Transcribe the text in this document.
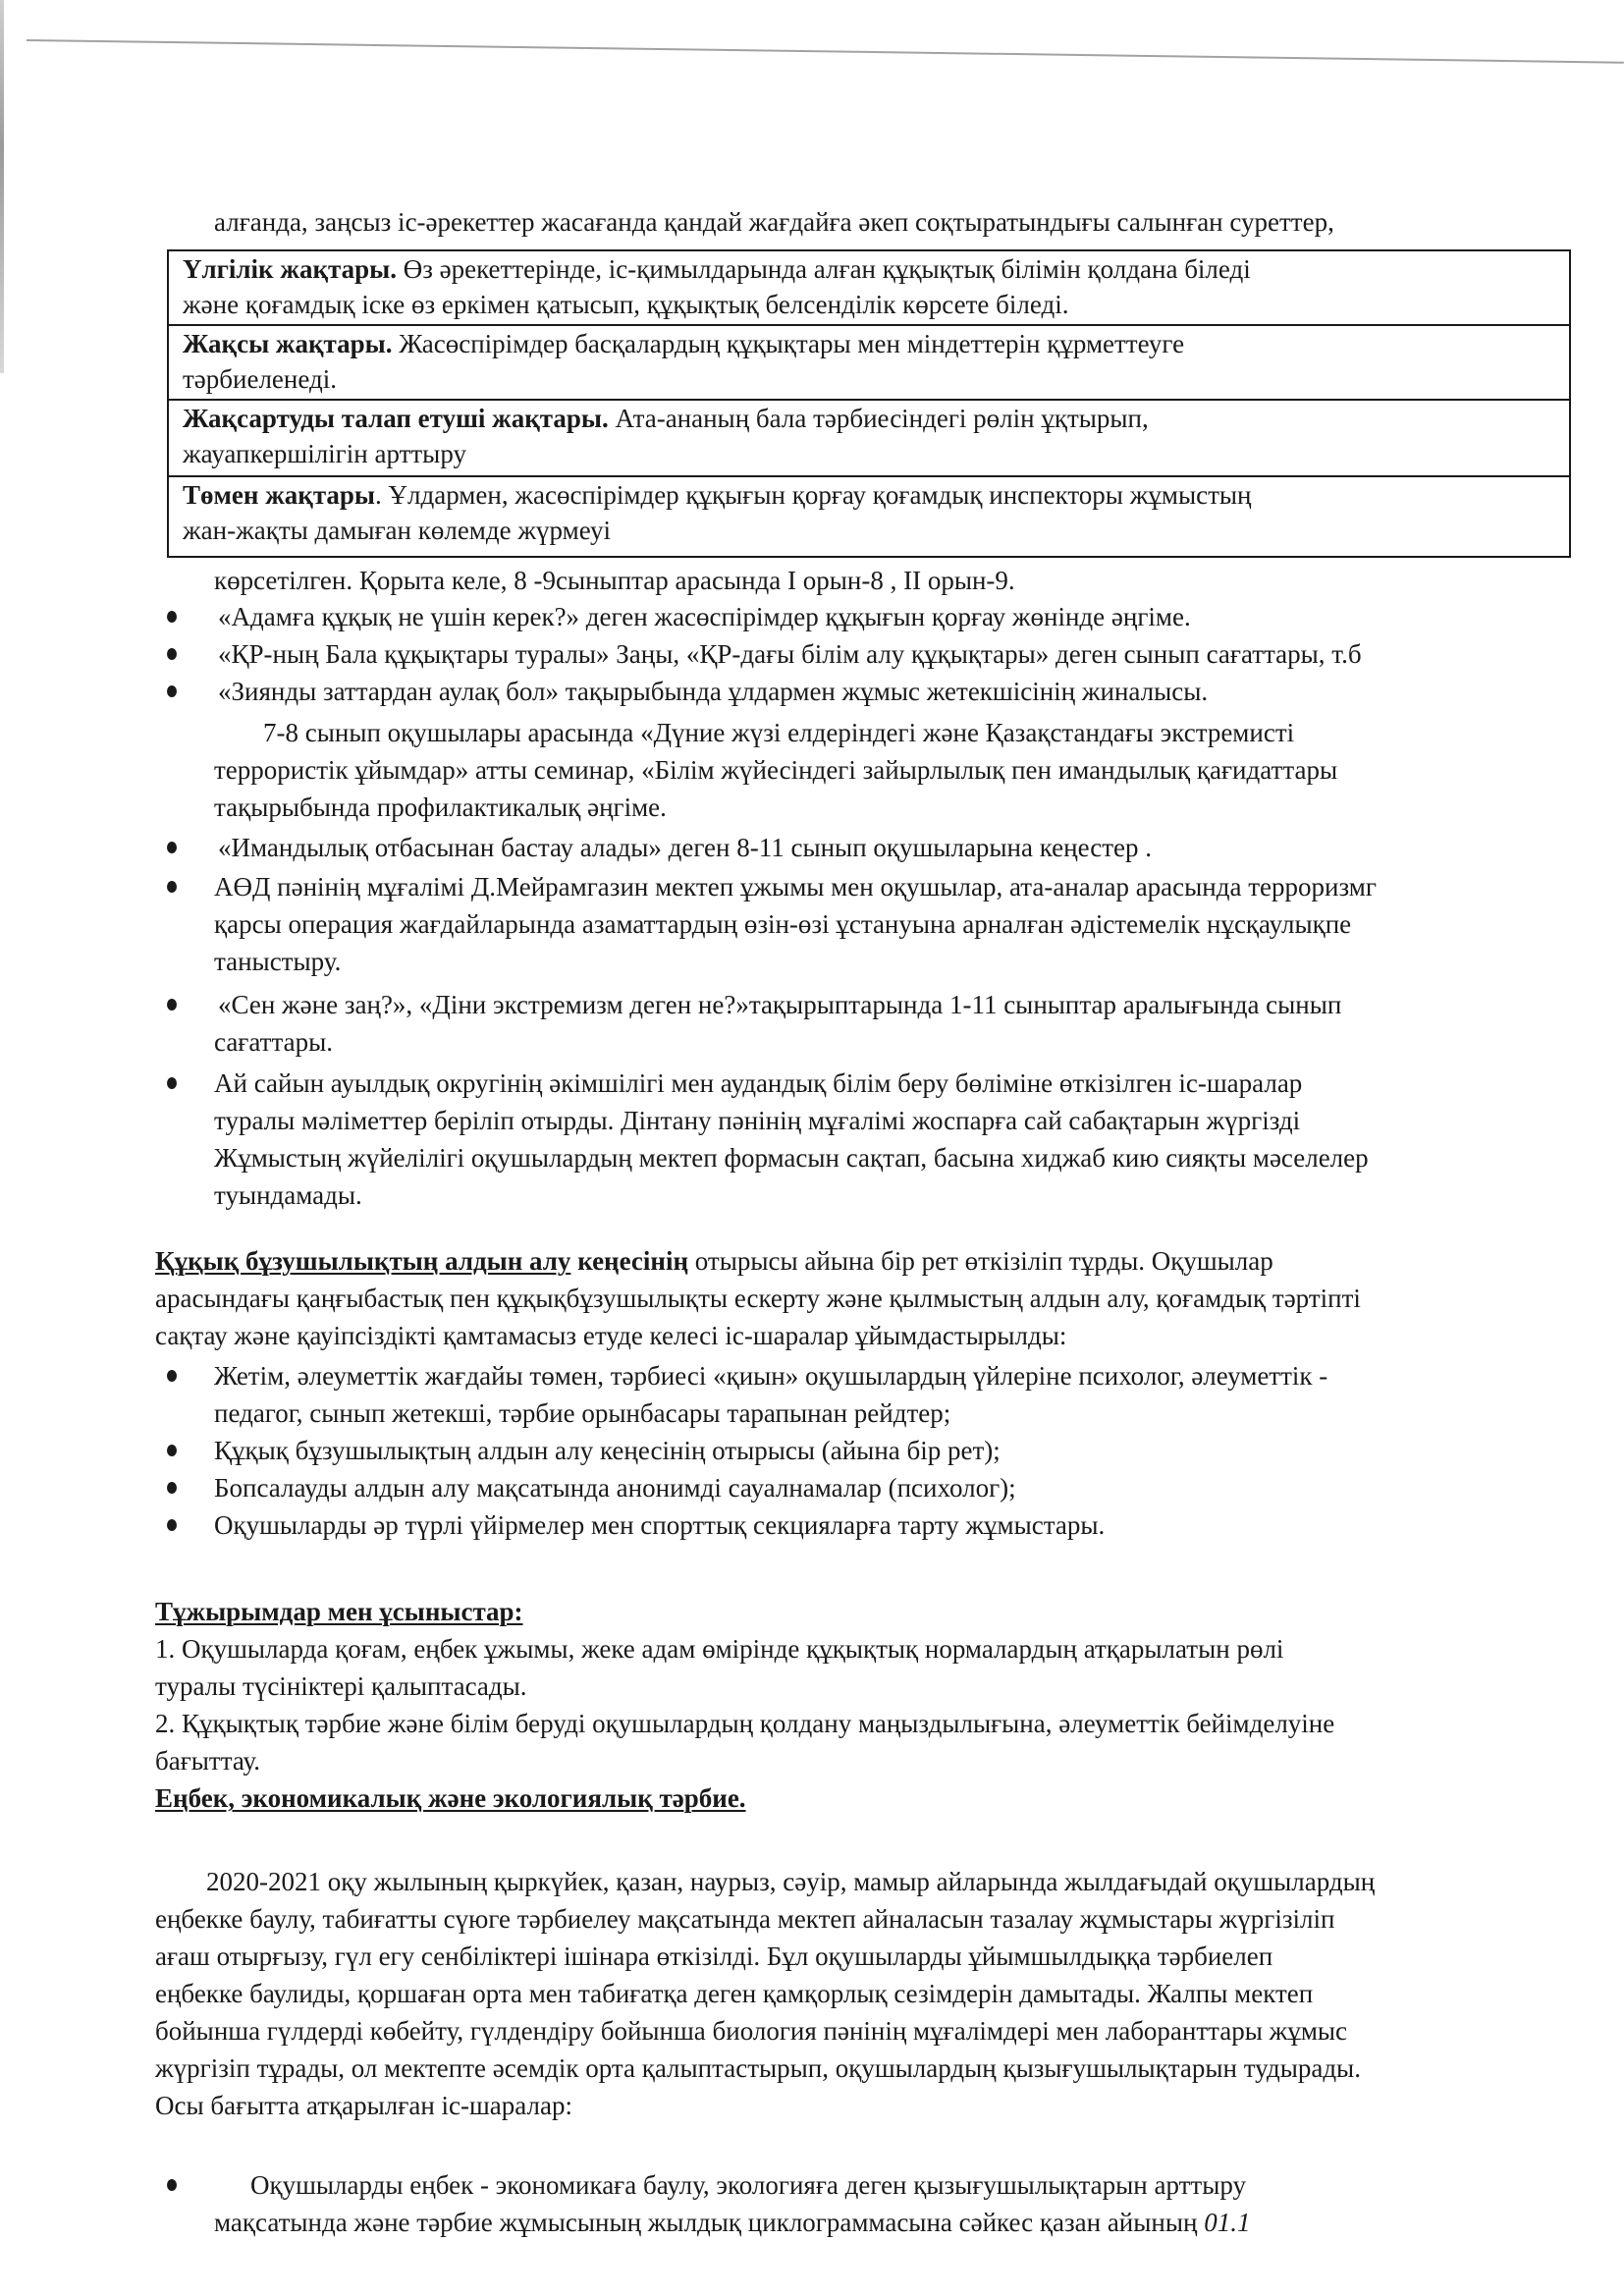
алғанда, заңсыз іс-әрекеттер жасағанда қандай жағдайға әкеп соқтыратындығы салынған суреттер,
Үлгілік жақтары. Өз әрекеттерінде, іс-қимылдарында алған құқықтық білімін қолдана біледі
және қоғамдық іске өз еркімен қатысып, құқықтық белсенділік көрсете біледі.
Жақсы жақтары. Жасөспірімдер басқалардың құқықтары мен міндеттерін құрметтеуге
тәрбиеленеді.
Жақсартуды талап етуші жақтары. Ата-ананың бала тәрбиесіндегі рөлін ұқтырып,
жауапкершілігін арттыру
Төмен жақтары. Ұлдармен, жасөспірімдер құқығын қорғау қоғамдық инспекторы жұмыстың
жан-жақты дамыған көлемде жүрмеуі
көрсетілген. Қорыта келе, 8 -9сыныптар арасында І орын-8 , ІІ орын-9.
«Адамға құқық не үшін керек?» деген жасөспірімдер құқығын қорғау жөнінде әңгіме.
«ҚР-ның Бала құқықтары туралы» Заңы, «ҚР-дағы білім алу құқықтары» деген сынып сағаттары, т.б
«Зиянды заттардан аулақ бол» тақырыбында ұлдармен жұмыс жетекшісінің жиналысы.
7-8 сынып оқушылары арасында «Дүние жүзі елдеріндегі және Қазақстандағы экстремисті
террористік ұйымдар» атты семинар, «Білім жүйесіндегі зайырлылық пен имандылық қағидаттары
тақырыбында профилактикалық әңгіме.
«Имандылық отбасынан бастау алады» деген 8-11 сынып оқушыларына кеңестер .
АӨД пәнінің мұғалімі Д.Мейрамгазин мектеп ұжымы мен оқушылар, ата-аналар арасында терроризмг
қарсы операция жағдайларында азаматтардың өзін-өзі ұстануына арналған әдістемелік нұсқаулықпе
таныстыру.
«Сен және заң?», «Діни экстремизм деген не?»тақырыптарында 1-11 сыныптар аралығында сынып
сағаттары.
Ай сайын ауылдық округінің әкімшілігі мен аудандық білім беру бөліміне өткізілген іс-шаралар
туралы мәліметтер беріліп отырды. Дінтану пәнінің мұғалімі жоспарға сай сабақтарын жүргізді
Жұмыстың жүйелілігі оқушылардың мектеп формасын сақтап, басына хиджаб кию сияқты мәселелер
туындамады.
Құқық бұзушылықтың алдын алу кеңесінің отырысы айына бір рет өткізіліп тұрды. Оқушылар
арасындағы қаңғыбастық пен құқықбұзушылықты ескерту және қылмыстың алдын алу, қоғамдық тәртіпті
сақтау және қауіпсіздікті қамтамасыз етуде келесі іс-шаралар ұйымдастырылды:
Жетім, әлеуметтік жағдайы төмен, тәрбиесі «қиын» оқушылардың үйлеріне психолог, әлеуметтік -
педагог, сынып жетекші, тәрбие орынбасары тарапынан рейдтер;
Құқық бұзушылықтың алдын алу кеңесінің отырысы (айына бір рет);
Бопсалауды алдын алу мақсатында анонимді сауалнамалар (психолог);
Оқушыларды әр түрлі үйірмелер мен спорттық секцияларға тарту жұмыстары.
Тұжырымдар мен ұсыныстар:
1. Оқушыларда қоғам, еңбек ұжымы, жеке адам өмірінде құқықтық нормалардың атқарылатын рөлі
туралы түсініктері қалыптасады.
2. Құқықтық тәрбие және білім беруді оқушылардың қолдану маңыздылығына, әлеуметтік бейімделуіне
бағыттау.
Еңбек, экономикалық және экологиялық тәрбие.
2020-2021 оқу жылының қыркүйек, қазан, наурыз, сәуір, мамыр айларында жылдағыдай оқушылардың
еңбекке баулу, табиғатты сүюге тәрбиелеу мақсатында мектеп айналасын тазалау жұмыстары жүргізіліп
ағаш отырғызу, гүл егу сенбіліктері ішінара өткізілді. Бұл оқушыларды ұйымшылдыққа тәрбиелеп
еңбекке баулиды, қоршаған орта мен табиғатқа деген қамқорлық сезімдерін дамытады. Жалпы мектеп
бойынша гүлдерді көбейту, гүлдендіру бойынша биология пәнінің мұғалімдері мен лаборанттары жұмыс
жүргізіп тұрады, ол мектепте әсемдік орта қалыптастырып, оқушылардың қызығушылықтарын тудырады.
Осы бағытта атқарылған іс-шаралар:
Оқушыларды еңбек - экономикаға баулу, экологияға деген қызығушылықтарын арттыру
мақсатында және тәрбие жұмысының жылдық циклограммасына сәйкес қазан айының 01.1
